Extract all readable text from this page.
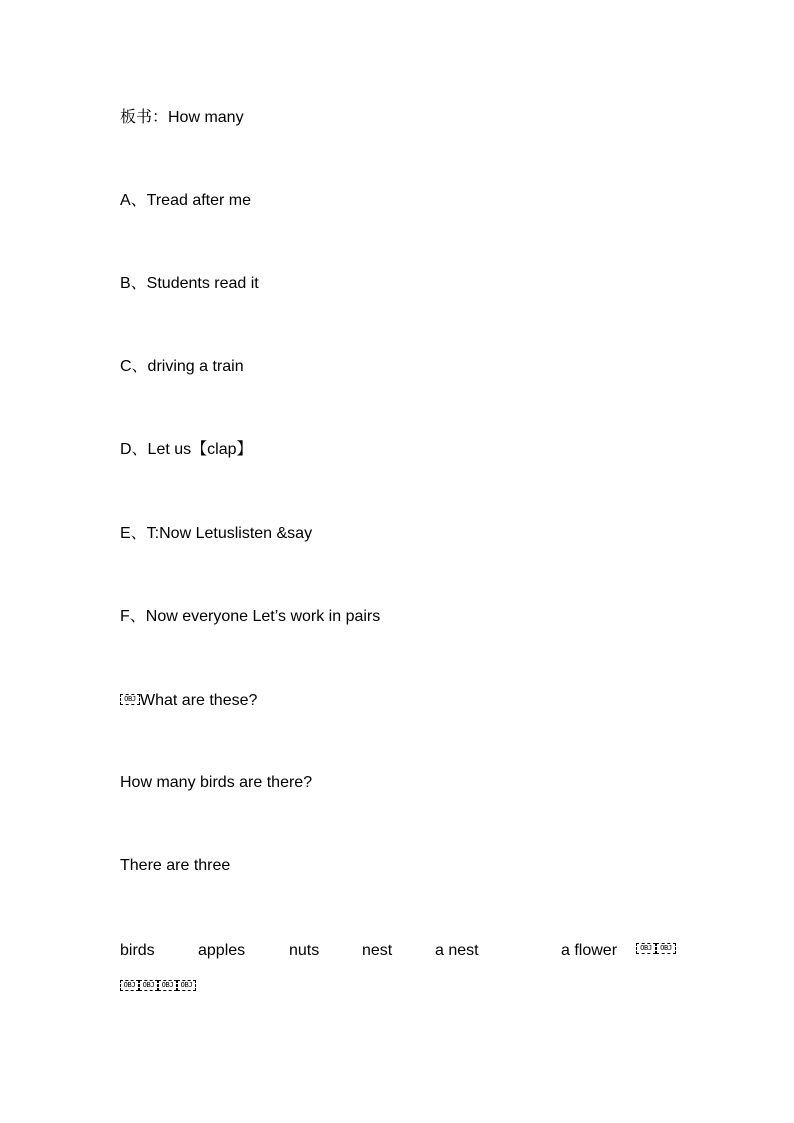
板书：How many
A、Tread after me
B、Students read it
C、driving a train
D、Let us【clap】
E、T:Now Letuslisten &say
F、Now everyone Let’s work in pairs
OBJ What are these?
How many birds are there?
There are three
birds	apples	nuts	nest	a nest	a flower	OBJ OBJ
OBJ OBJ OBJ OBJ
